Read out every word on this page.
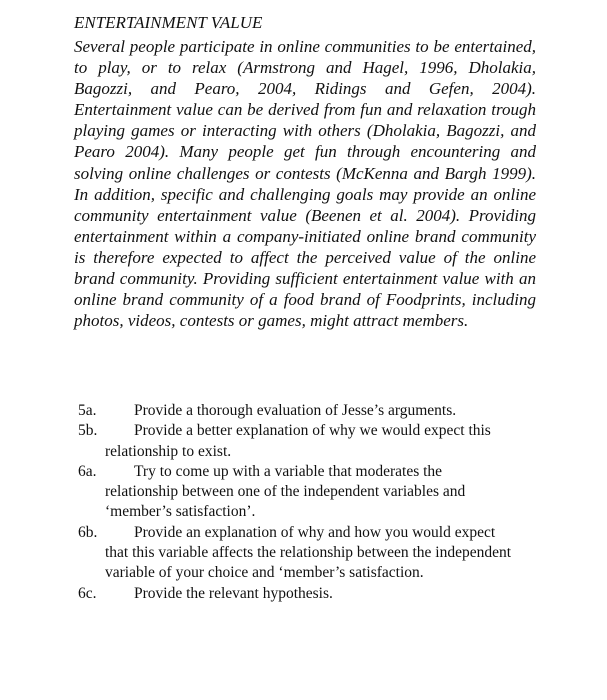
ENTERTAINMENT VALUE

Several people participate in online communities to be entertained, to play, or to relax (Armstrong and Hagel, 1996, Dholakia, Bagozzi, and Pearo, 2004, Ridings and Gefen, 2004). Entertainment value can be derived from fun and relaxation trough playing games or interacting with others (Dholakia, Bagozzi, and Pearo 2004). Many people get fun through encountering and solving online challenges or contests (McKenna and Bargh 1999). In addition, specific and challenging goals may provide an online community entertainment value (Beenen et al. 2004). Providing entertainment within a company-initiated online brand community is therefore expected to affect the perceived value of the online brand community. Providing sufficient entertainment value with an online brand community of a food brand of Foodprints, including photos, videos, contests or games, might attract members.

5a. Provide a thorough evaluation of Jesse’s arguments.
5b. Provide a better explanation of why we would expect this relationship to exist.
6a. Try to come up with a variable that moderates the relationship between one of the independent variables and ‘member’s satisfaction’.
6b. Provide an explanation of why and how you would expect that this variable affects the relationship between the independent variable of your choice and ‘member’s satisfaction.
6c. Provide the relevant hypothesis.
